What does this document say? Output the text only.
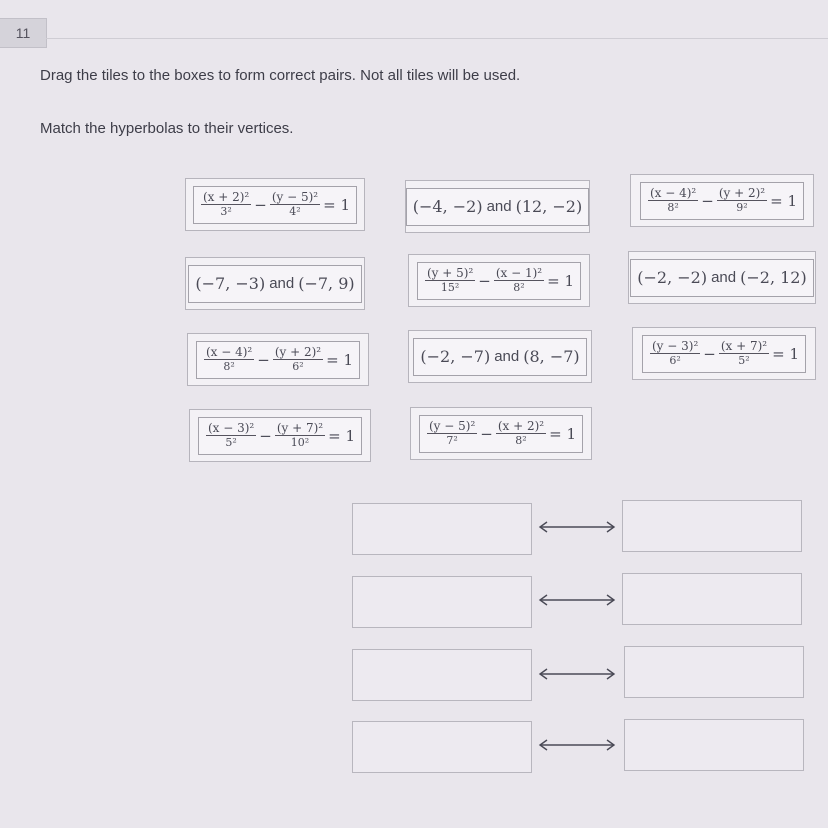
11
Drag the tiles to the boxes to form correct pairs. Not all tiles will be used.
Match the hyperbolas to their vertices.
$\frac{\text{(x + 2)²}}{\text{3²}} - \frac{\text{(y − 5)²}}{\text{4²}} = 1$	(−4, −2) and (12, −2)	$\frac{\text{(x − 4)²}}{\text{8²}} - \frac{\text{(y + 2)²}}{\text{9²}} = 1$
(−7, −3) and (−7, 9)	$\frac{\text{(y + 5)²}}{\text{15²}} - \frac{\text{(x − 1)²}}{\text{8²}} = 1$	(−2, −2) and (−2, 12)
$\frac{\text{(x − 4)²}}{\text{8²}} - \frac{\text{(y + 2)²}}{\text{6²}} = 1$	(−2, −7) and (8, −7)	$\frac{\text{(y − 3)²}}{\text{6²}} - \frac{\text{(x + 7)²}}{\text{5²}} = 1$
$\frac{\text{(x − 3)²}}{\text{5²}} - \frac{\text{(y + 7)²}}{\text{10²}} = 1$	$\frac{\text{(y − 5)²}}{\text{7²}} - \frac{\text{(x + 2)²}}{\text{8²}} = 1$
